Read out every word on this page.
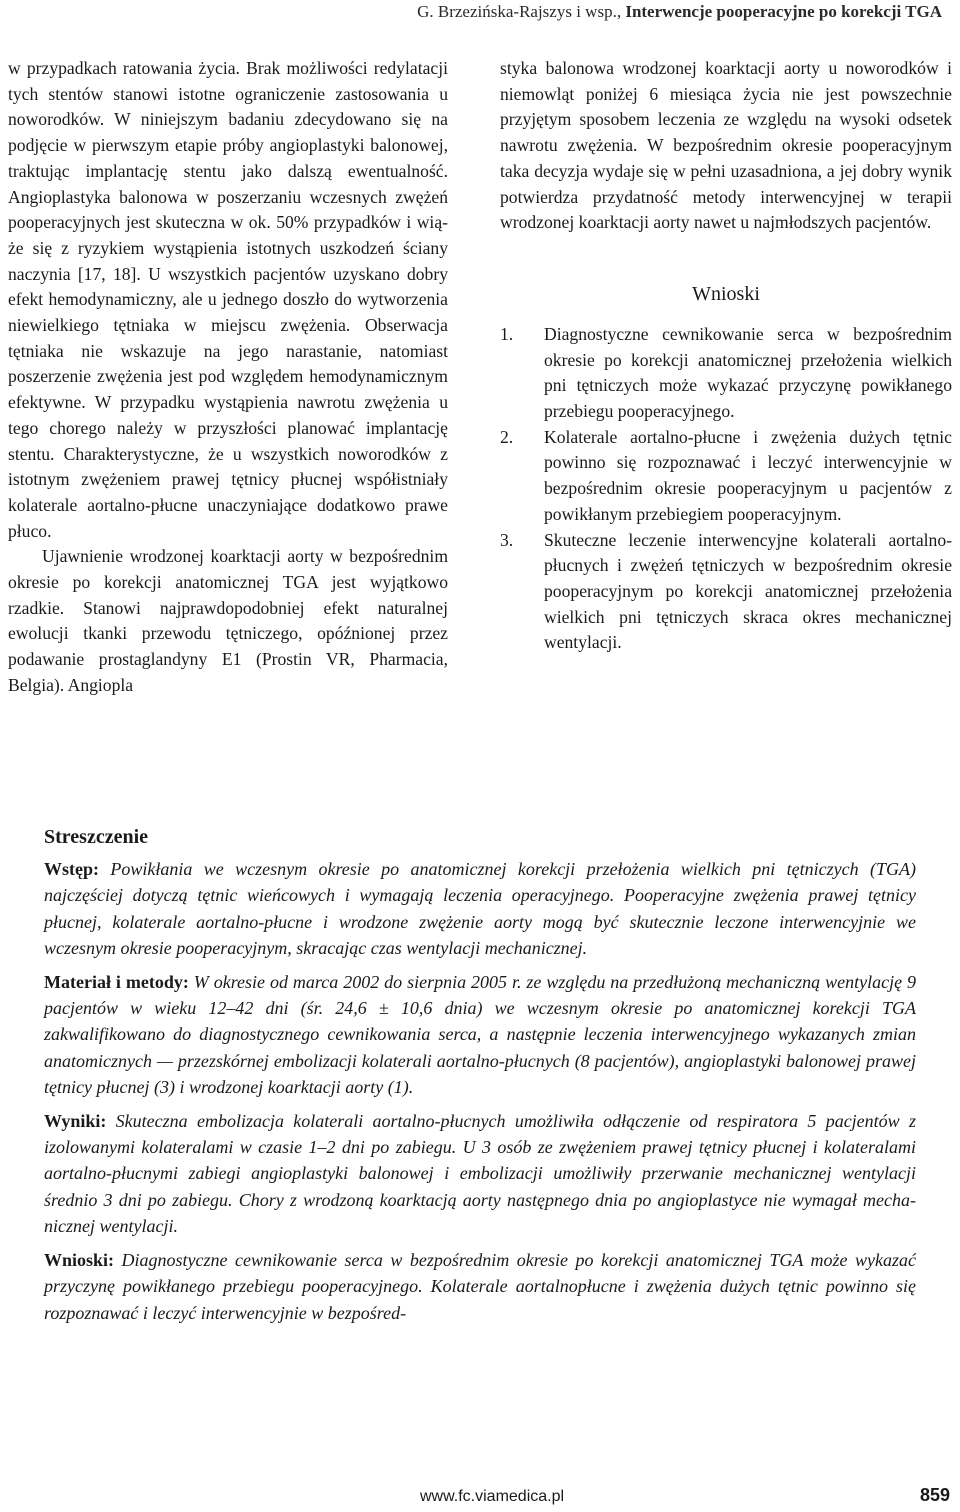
G. Brzezińska-Rajszys i wsp., Interwencje pooperacyjne po korekcji TGA

w przypadkach ratowania życia. Brak możliwości redylatacji tych stentów stanowi istotne ograniczenie zastosowania u noworodków. W niniejszym badaniu zdecydowano się na podjęcie w pierwszym etapie próby angioplastyki balonowej, traktując implantację stentu jako dalszą ewentualność. Angioplastyka balonowa w poszerzaniu wczesnych zwężeń pooperacyjnych jest skuteczna w ok. 50% przypadków i wiąże się z ryzykiem wystąpienia istotnych uszkodzeń ściany naczynia [17, 18]. U wszystkich pacjentów uzyskano dobry efekt hemodynamiczny, ale u jednego doszło do wytworzenia niewielkiego tętniaka w miejscu zwężenia. Obserwacja tętniaka nie wskazuje na jego narastanie, natomiast poszerzenie zwężenia jest pod względem hemodynamicznym efektywne. W przypadku wystąpienia nawrotu zwężenia u tego chorego należy w przyszłości planować implantację stentu. Charakterystyczne, że u wszystkich noworodków z istotnym zwężeniem prawej tętnicy płucnej współistniały kolaterale aortalno-płucne unaczyniające dodatkowo prawe płuco.

Ujawnienie wrodzonej koarktacji aorty w bezpośrednim okresie po korekcji anatomicznej TGA jest wyjątkowo rzadkie. Stanowi najprawdopodobniej efekt naturalnej ewolucji tkanki przewodu tętniczego, opóźnionej przez podawanie prostaglandyny E1 (Prostin VR, Pharmacia, Belgia). Angiopla

styka balonowa wrodzonej koarktacji aorty u noworodków i niemowląt poniżej 6 miesiąca życia nie jest powszechnie przyjętym sposobem leczenia ze względu na wysoki odsetek nawrotu zwężenia. W bezpośrednim okresie pooperacyjnym taka decyzja wydaje się w pełni uzasadniona, a jej dobry wynik potwierdza przydatność metody interwencyjnej w terapii wrodzonej koarktacji aorty nawet u najmłodszych pacjentów.

Wnioski
1. Diagnostyczne cewnikowanie serca w bezpośrednim okresie po korekcji anatomicznej przełożenia wielkich pni tętniczych może wykazać przyczynę powikłanego przebiegu pooperacyjnego.
2. Kolaterale aortalno-płucne i zwężenia dużych tętnic powinno się rozpoznawać i leczyć interwencyjnie w bezpośrednim okresie pooperacyjnym u pacjentów z powikłanym przebiegiem pooperacyjnym.
3. Skuteczne leczenie interwencyjne kolaterali aortalno-płucnych i zwężeń tętniczych w bezpośrednim okresie pooperacyjnym po korekcji anatomicznej przełożenia wielkich pni tętniczych skraca okres mechanicznej wentylacji.
Streszczenie

Wstęp: Powikłania we wczesnym okresie po anatomicznej korekcji przełożenia wielkich pni tętniczych (TGA) najczęściej dotyczą tętnic wieńcowych i wymagają leczenia operacyjnego. Pooperacyjne zwężenia prawej tętnicy płucnej, kolaterale aortalno-płucne i wrodzone zwężenie aorty mogą być skutecznie leczone interwencyjnie we wczesnym okresie pooperacyjnym, skracając czas wentylacji mechanicznej.

Materiał i metody: W okresie od marca 2002 do sierpnia 2005 r. ze względu na przedłużoną mechaniczną wentylację 9 pacjentów w wieku 12–42 dni (śr. 24,6 ± 10,6 dnia) we wczesnym okresie po anatomicznej korekcji TGA zakwalifikowano do diagnostycznego cewnikowania serca, a następnie leczenia interwencyjnego wykazanych zmian anatomicznych — przezskórnej embolizacji kolaterali aortalno-płucnych (8 pacjentów), angioplastyki balonowej prawej tętnicy płucnej (3) i wrodzonej koarktacji aorty (1).

Wyniki: Skuteczna embolizacja kolaterali aortalno-płucnych umożliwiła odłączenie od respiratora 5 pacjentów z izolowanymi kolateralami w czasie 1–2 dni po zabiegu. U 3 osób ze zwężeniem prawej tętnicy płucnej i kolateralami aortalno-płucnymi zabiegi angioplastyki balonowej i embolizacji umożliwiły przerwanie mechanicznej wentylacji średnio 3 dni po zabiegu. Chory z wrodzoną koarktacją aorty następnego dnia po angioplastyce nie wymagał mechanicznej wentylacji.

Wnioski: Diagnostyczne cewnikowanie serca w bezpośrednim okresie po korekcji anatomicznej TGA może wykazać przyczynę powikłanego przebiegu pooperacyjnego. Kolaterale aortalnopłucne i zwężenia dużych tętnic powinno się rozpoznawać i leczyć interwencyjnie w bezpośred-

www.fc.viamedica.pl	859
